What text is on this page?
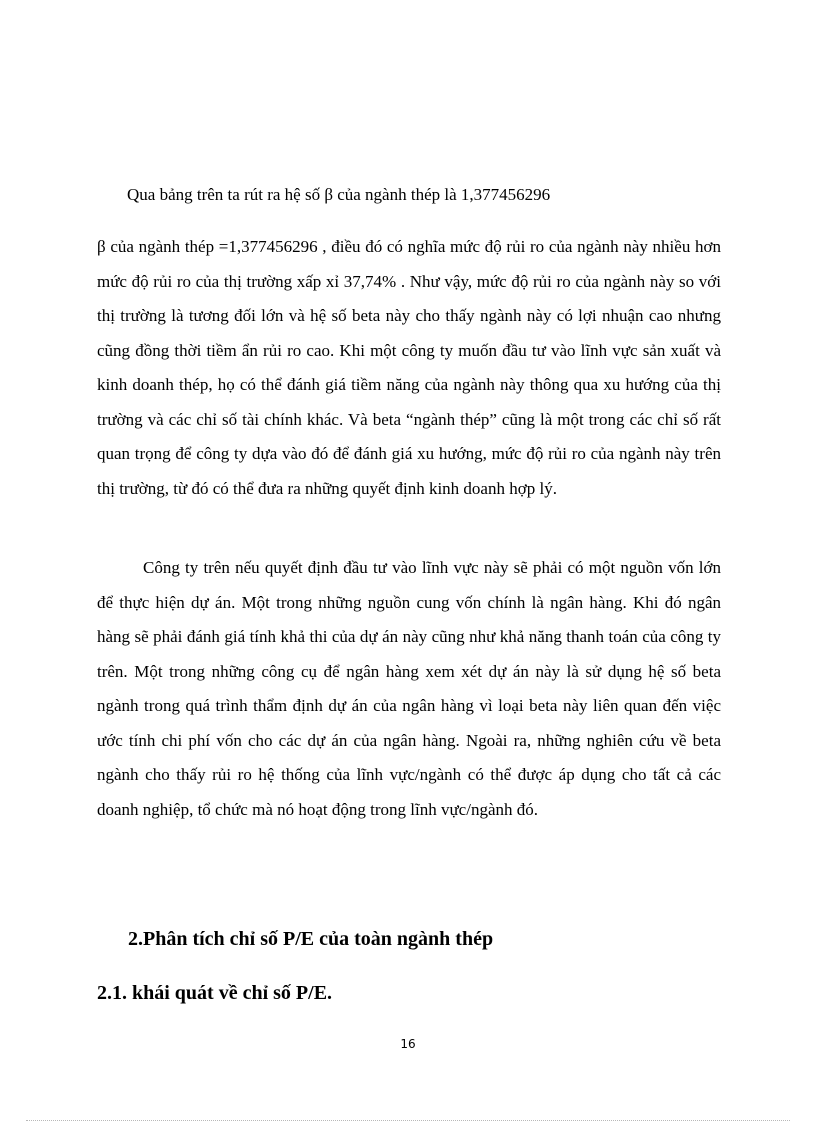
Qua bảng trên ta rút ra hệ số β của ngành thép là 1,377456296

β của ngành thép =1,377456296 , điều đó có nghĩa mức độ rủi ro của ngành này nhiều hơn mức độ rủi ro của thị trường xấp xỉ 37,74% . Như vậy, mức độ rủi ro của ngành này so với thị trường là tương đối lớn và hệ số beta này cho thấy ngành này có lợi nhuận cao nhưng cũng đồng thời tiềm ẩn rủi ro cao. Khi một công ty muốn đầu tư vào lĩnh vực sản xuất và kinh doanh thép, họ có thể đánh giá tiềm năng của ngành này thông qua xu hướng của thị trường và các chỉ số tài chính khác. Và beta “ngành thép” cũng là một trong các chỉ số rất quan trọng để công ty dựa vào đó để đánh giá xu hướng, mức độ rủi ro của ngành này trên thị trường, từ đó có thể đưa ra những quyết định kinh doanh hợp lý.

Công ty trên nếu quyết định đầu tư vào lĩnh vực này sẽ phải có một nguồn vốn lớn để thực hiện dự án. Một trong những nguồn cung vốn chính là ngân hàng. Khi đó ngân hàng sẽ phải đánh giá tính khả thi của dự án này cũng như khả năng thanh toán của công ty trên. Một trong những công cụ để ngân hàng xem xét dự án này là sử dụng hệ số beta ngành trong quá trình thẩm định dự án của ngân hàng vì loại beta này liên quan đến việc ước tính chi phí vốn cho các dự án của ngân hàng. Ngoài ra, những nghiên cứu về beta ngành cho thấy rủi ro hệ thống của lĩnh vực/ngành có thể được áp dụng cho tất cả các doanh nghiệp, tổ chức mà nó hoạt động trong lĩnh vực/ngành đó.

2.Phân tích chỉ số P/E của toàn ngành thép
2.1. khái quát về chỉ số P/E.
16
